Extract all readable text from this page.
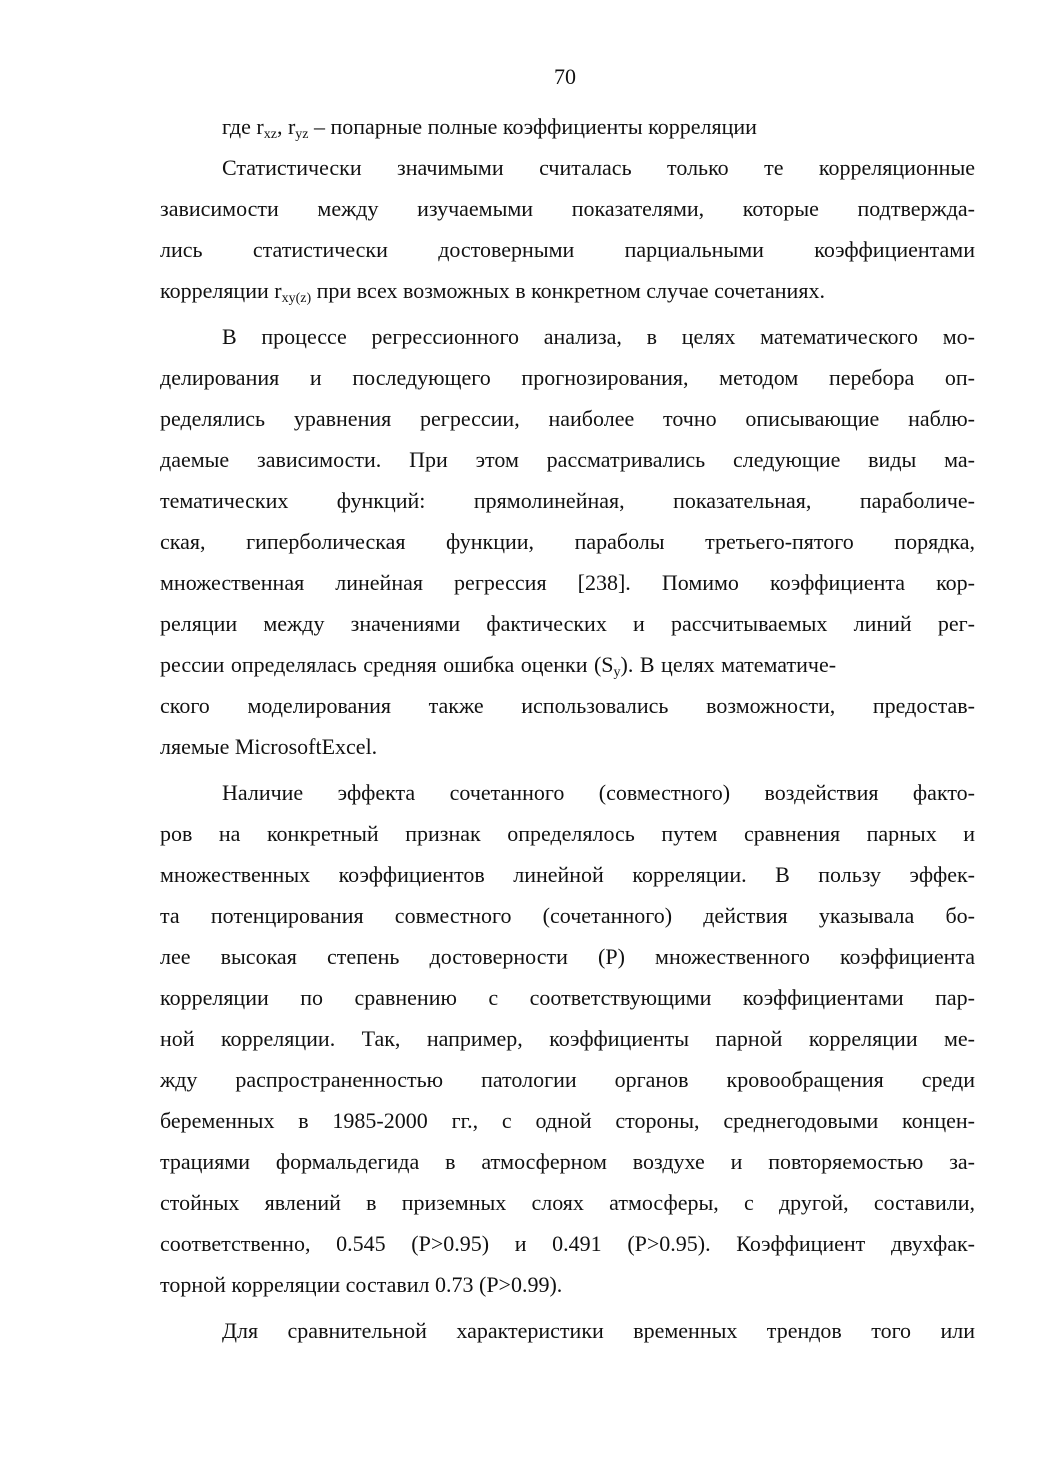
70
где $r_{xz}$, $r_{yz}$ – попарные полные коэффициенты корреляции
Статистически значимыми считалась только те корреляционные
зависимости между изучаемыми показателями, которые подтвержда-
лись статистически достоверными парциальными коэффициентами
корреляции $r_{xy(z)}$ при всех возможных в конкретном случае сочетаниях.
В процессе регрессионного анализа, в целях математического мо-
делирования и последующего прогнозирования, методом перебора оп-
ределялись уравнения регрессии, наиболее точно описывающие наблю-
даемые зависимости. При этом рассматривались следующие виды ма-
тематических функций: прямолинейная, показательная, параболиче-
ская, гиперболическая функции, параболы третьего-пятого порядка,
множественная линейная регрессия [238]. Помимо коэффициента кор-
реляции между значениями фактических и рассчитываемых линий рег-
рессии определялась средняя ошибка оценки $(S_y)$. В целях математиче-
ского моделирования также использовались возможности, предостав-
ляемые MicrosoftExcel.
Наличие эффекта сочетанного (совместного) воздействия факто-
ров на конкретный признак определялось путем сравнения парных и
множественных коэффициентов линейной корреляции. В пользу эффек-
та потенцирования совместного (сочетанного) действия указывала бо-
лее высокая степень достоверности (Р) множественного коэффициента
корреляции по сравнению с соответствующими коэффициентами пар-
ной корреляции. Так, например, коэффициенты парной корреляции ме-
жду распространенностью патологии органов кровообращения среди
беременных в 1985-2000 гг., с одной стороны, среднегодовыми концен-
трациями формальдегида в атмосферном воздухе и повторяемостью за-
стойных явлений в приземных слоях атмосферы, с другой, составили,
соответственно, 0.545 (Р>0.95) и 0.491 (Р>0.95). Коэффициент двухфак-
торной корреляции составил 0.73 (Р>0.99).
Для сравнительной характеристики временных трендов того или
